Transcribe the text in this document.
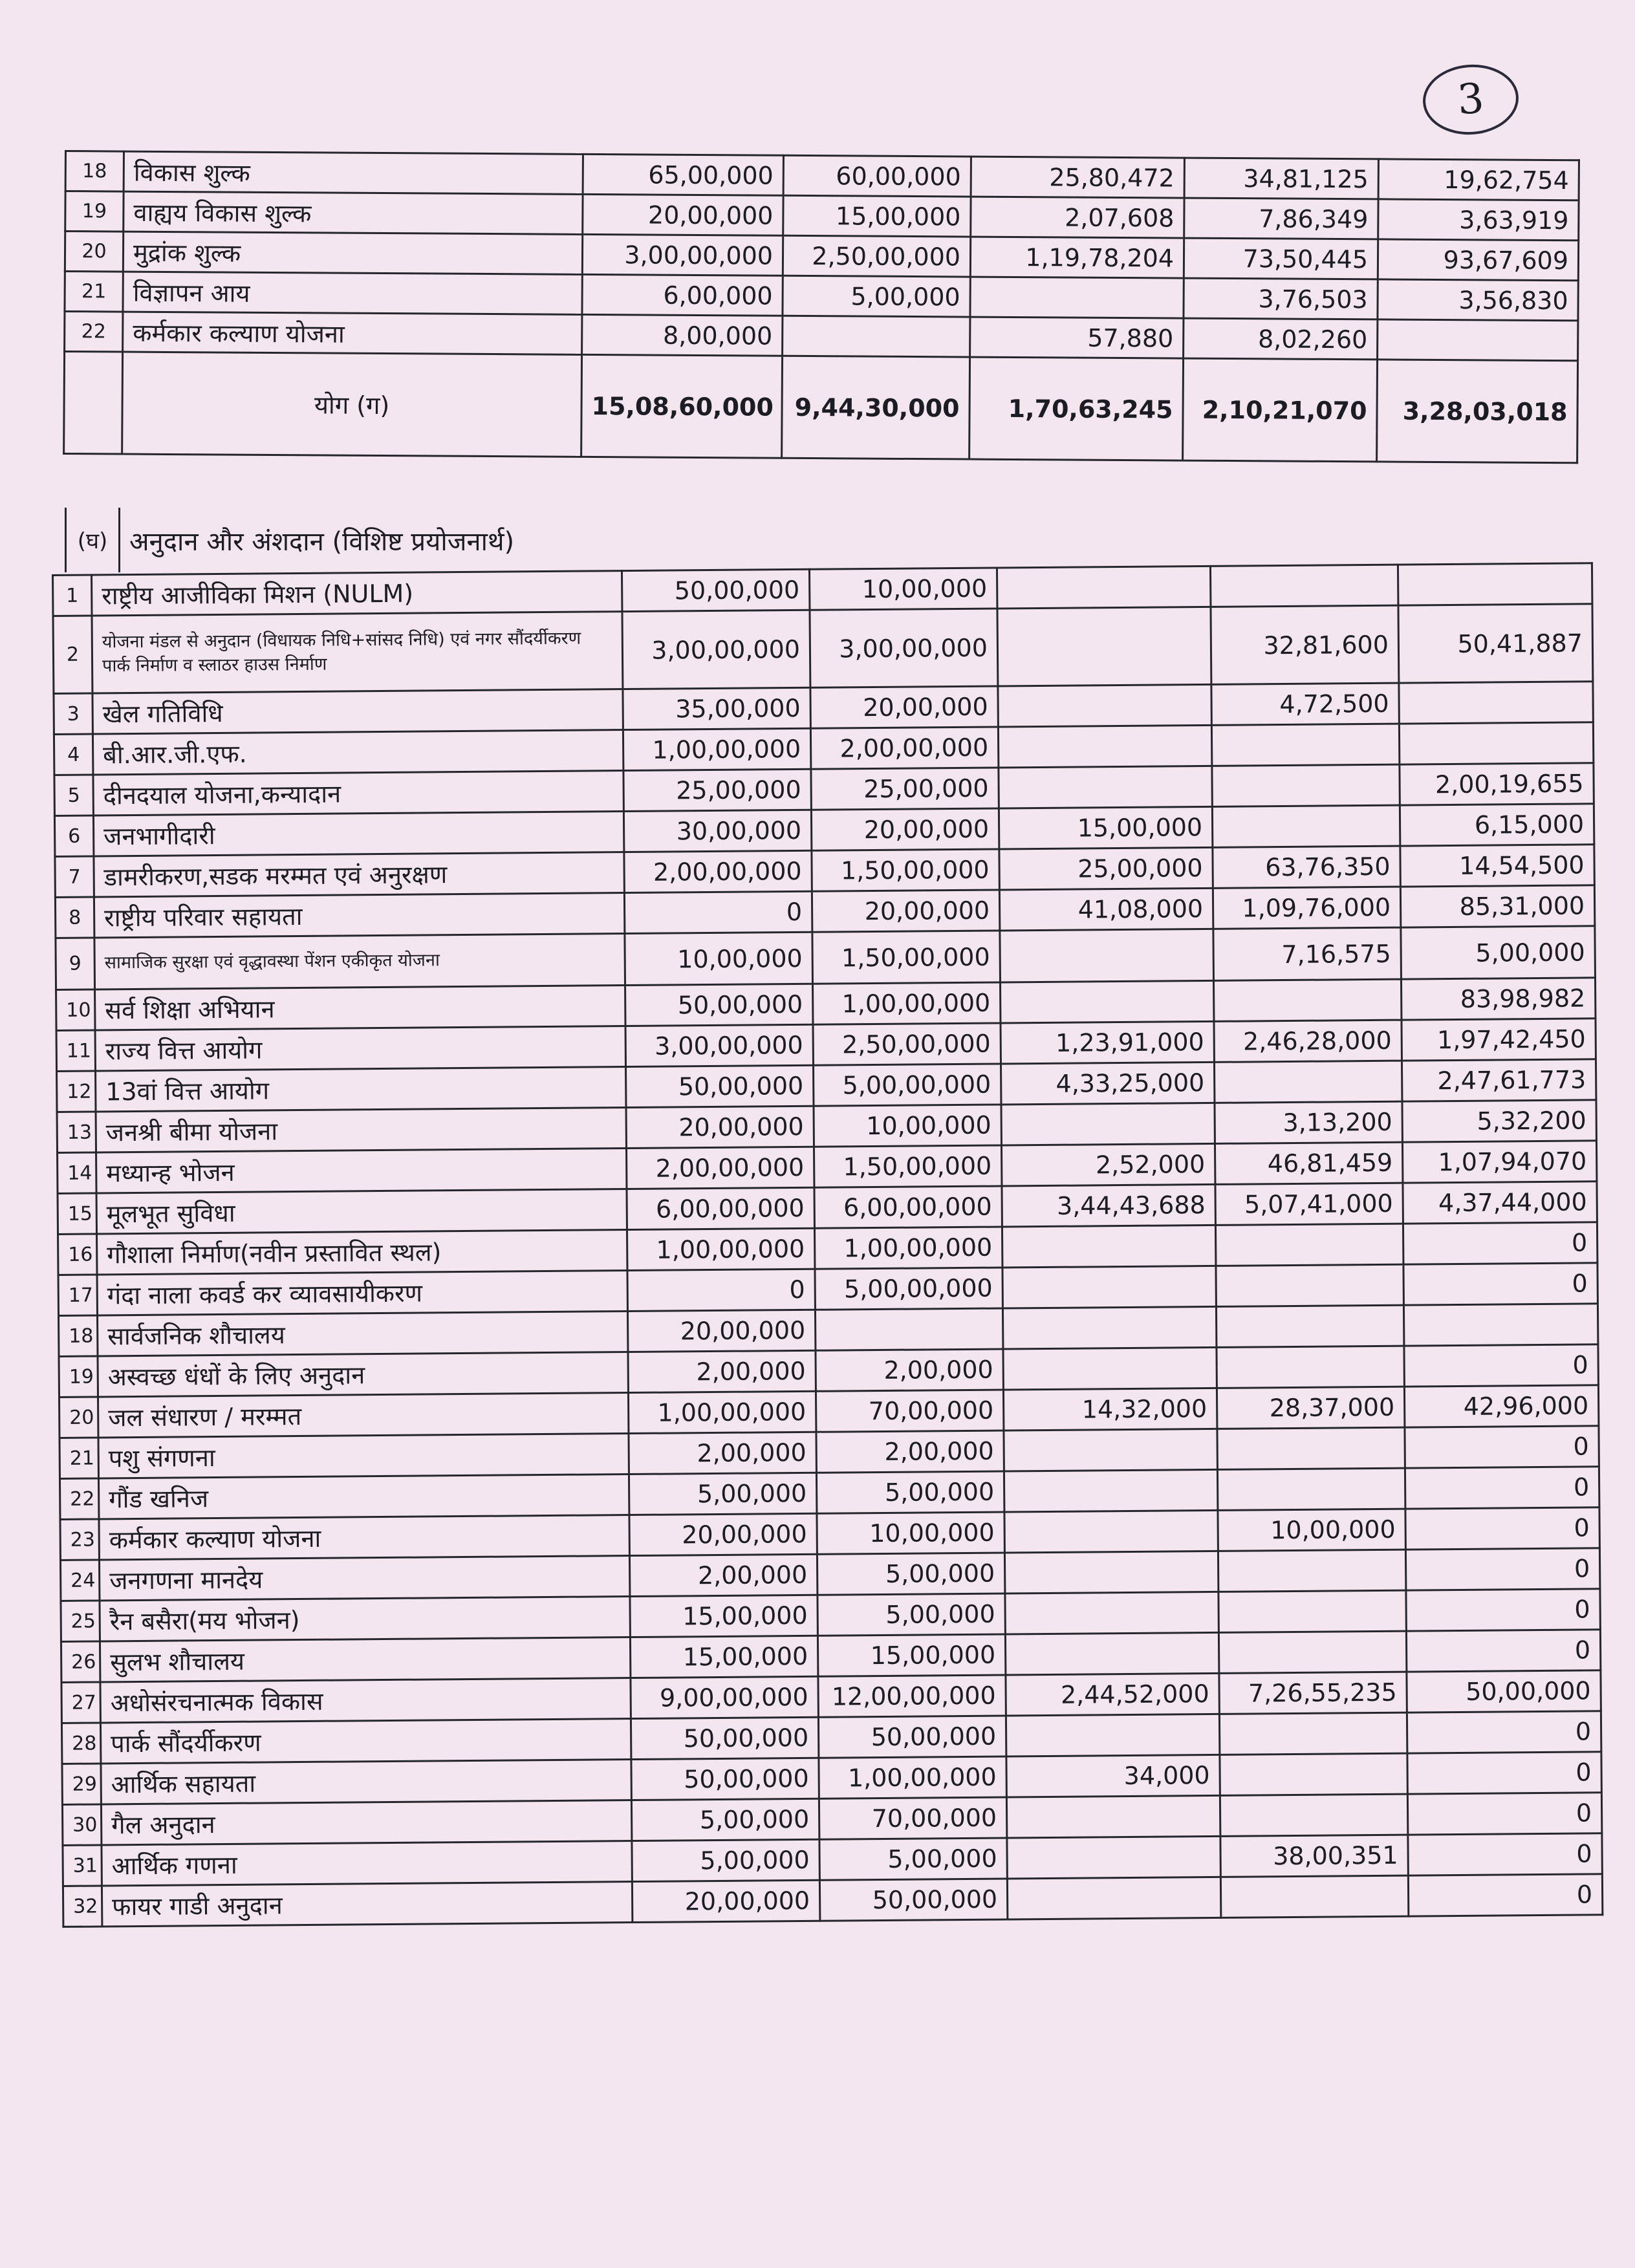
3
18	विकास शुल्क	65,00,000	60,00,000	25,80,472	34,81,125	19,62,754
19	वाह्यय विकास शुल्क	20,00,000	15,00,000	2,07,608	7,86,349	3,63,919
20	मुद्रांक शुल्क	3,00,00,000	2,50,00,000	1,19,78,204	73,50,445	93,67,609
21	विज्ञापन आय	6,00,000	5,00,000		3,76,503	3,56,830
22	कर्मकार कल्याण योजना	8,00,000		57,880	8,02,260	
	योग (ग)	15,08,60,000	9,44,30,000	1,70,63,245	2,10,21,070	3,28,03,018
(घ) अनुदान और अंशदान (विशिष्ट प्रयोजनार्थ)
1	राष्ट्रीय आजीविका मिशन (NULM)	50,00,000	10,00,000			
2	योजना मंडल से अनुदान (विधायक निधि+सांसद निधि) एवं नगर सौंदर्यीकरण पार्क निर्माण व स्लाठर हाउस निर्माण	3,00,00,000	3,00,00,000		32,81,600	50,41,887
3	खेल गतिविधि	35,00,000	20,00,000		4,72,500	
4	बी.आर.जी.एफ.	1,00,00,000	2,00,00,000			
5	दीनदयाल योजना,कन्यादान	25,00,000	25,00,000			2,00,19,655
6	जनभागीदारी	30,00,000	20,00,000	15,00,000		6,15,000
7	डामरीकरण,सडक मरम्मत एवं अनुरक्षण	2,00,00,000	1,50,00,000	25,00,000	63,76,350	14,54,500
8	राष्ट्रीय परिवार सहायता	0	20,00,000	41,08,000	1,09,76,000	85,31,000
9	सामाजिक सुरक्षा एवं वृद्धावस्था पेंशन एकीकृत योजना	10,00,000	1,50,00,000		7,16,575	5,00,000
10	सर्व शिक्षा अभियान	50,00,000	1,00,00,000			83,98,982
11	राज्य वित्त आयोग	3,00,00,000	2,50,00,000	1,23,91,000	2,46,28,000	1,97,42,450
12	13वां वित्त आयोग	50,00,000	5,00,00,000	4,33,25,000		2,47,61,773
13	जनश्री बीमा योजना	20,00,000	10,00,000		3,13,200	5,32,200
14	मध्यान्ह भोजन	2,00,00,000	1,50,00,000	2,52,000	46,81,459	1,07,94,070
15	मूलभूत सुविधा	6,00,00,000	6,00,00,000	3,44,43,688	5,07,41,000	4,37,44,000
16	गौशाला निर्माण(नवीन प्रस्तावित स्थल)	1,00,00,000	1,00,00,000			0
17	गंदा नाला कवर्ड कर व्यावसायीकरण	0	5,00,00,000			0
18	सार्वजनिक शौचालय	20,00,000				
19	अस्वच्छ धंधों के लिए अनुदान	2,00,000	2,00,000			0
20	जल संधारण / मरम्मत	1,00,00,000	70,00,000	14,32,000	28,37,000	42,96,000
21	पशु संगणना	2,00,000	2,00,000			0
22	गौंड खनिज	5,00,000	5,00,000			0
23	कर्मकार कल्याण योजना	20,00,000	10,00,000		10,00,000	0
24	जनगणना मानदेय	2,00,000	5,00,000			0
25	रैन बसैरा(मय भोजन)	15,00,000	5,00,000			0
26	सुलभ शौचालय	15,00,000	15,00,000			0
27	अधोसंरचनात्मक विकास	9,00,00,000	12,00,00,000	2,44,52,000	7,26,55,235	50,00,000
28	पार्क सौंदर्यीकरण	50,00,000	50,00,000			0
29	आर्थिक सहायता	50,00,000	1,00,00,000	34,000		0
30	गैल अनुदान	5,00,000	70,00,000			0
31	आर्थिक गणना	5,00,000	5,00,000		38,00,351	0
32	फायर गाडी अनुदान	20,00,000	50,00,000			0
